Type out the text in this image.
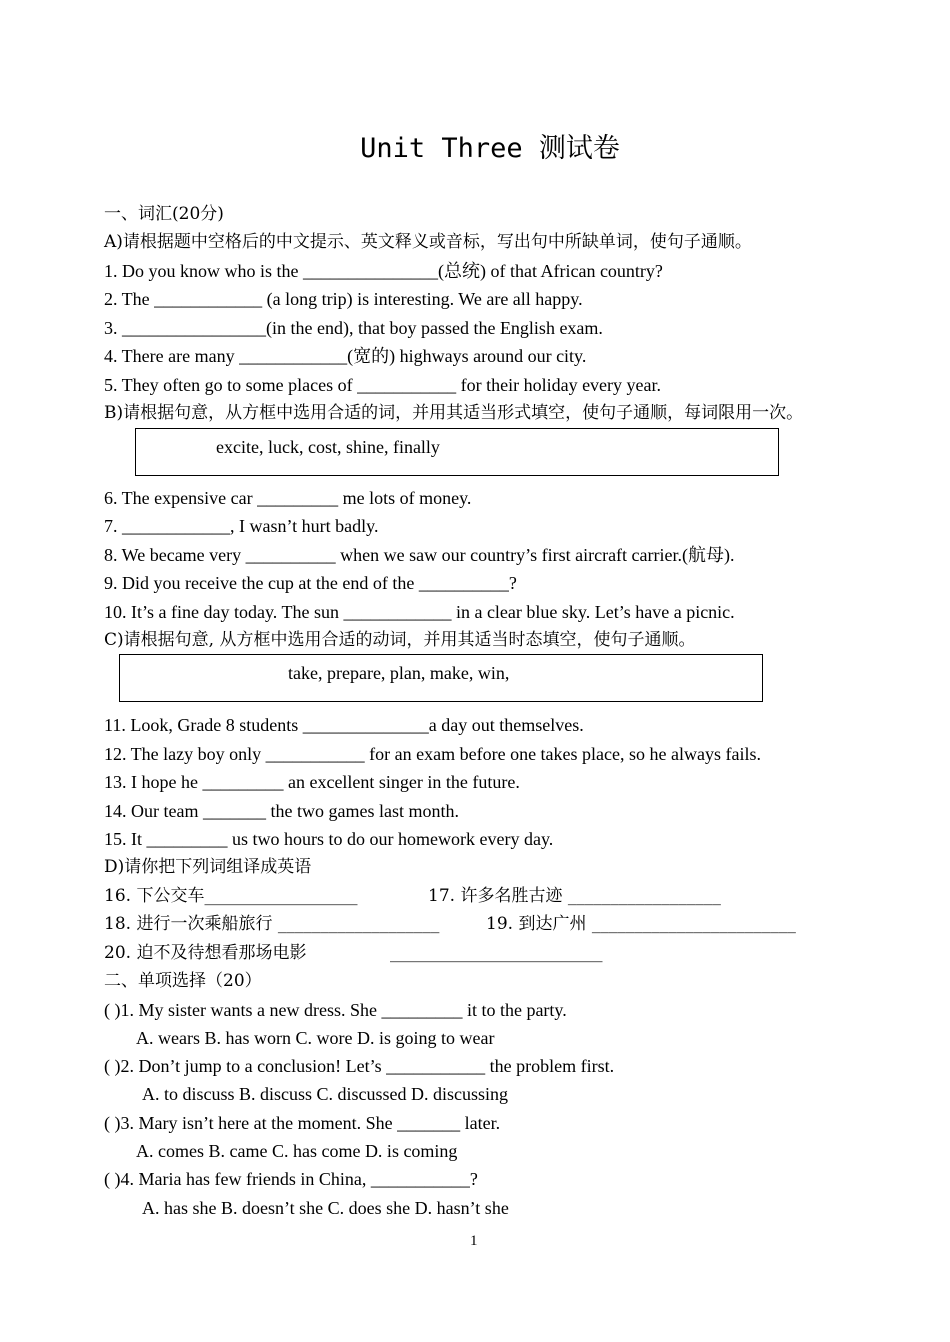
Unit Three 测试卷
一、词汇(20分)
A)请根据题中空格后的中文提示、英文释义或音标，写出句中所缺单词，使句子通顺。
1. Do you know who is the _______________(总统) of that African country?
2. The ____________ (a long trip) is interesting. We are all happy.
3. ________________(in the end), that boy passed the English exam.
4. There are many ____________(宽的) highways around our city.
5. They often go to some places of ___________ for their holiday every year.
B)请根据句意，从方框中选用合适的词，并用其适当形式填空，使句子通顺，每词限用一次。
excite, luck, cost, shine, finally
6. The expensive car _________ me lots of money.
7. ____________, I wasn’t hurt badly.
8. We became very __________ when we saw our country’s first aircraft carrier.(航母).
9. Did you receive the cup at the end of the __________?
10. It’s a fine day today. The sun ____________ in a clear blue sky. Let’s have a picnic.
C)请根据句意, 从方框中选用合适的动词，并用其适当时态填空，使句子通顺。
take, prepare, plan, make, win,
11. Look, Grade 8 students ______________a day out themselves.
12. The lazy boy only ___________ for an exam before one takes place, so he always fails.
13. I hope he _________ an excellent singer in the future.
14. Our team _______ the two games last month.
15. It _________ us two hours to do our homework every day.
D)请你把下列词组译成英语
16. 下公交车__________________	17. 许多名胜古迹 __________________
18. 进行一次乘船旅行 ___________________	19. 到达广州 ________________________
20. 迫不及待想看那场电影	_________________________
二、单项选择（20）
( )1. My sister wants a new dress. She _________ it to the party.
A. wears B. has worn C. wore D. is going to wear
( )2. Don’t jump to a conclusion! Let’s ___________ the problem first.
A. to discuss B. discuss C. discussed D. discussing
( )3. Mary isn’t here at the moment. She _______ later.
A. comes B. came C. has come D. is coming
( )4. Maria has few friends in China, ___________?
A. has she B. doesn’t she C. does she D. hasn’t she
1
